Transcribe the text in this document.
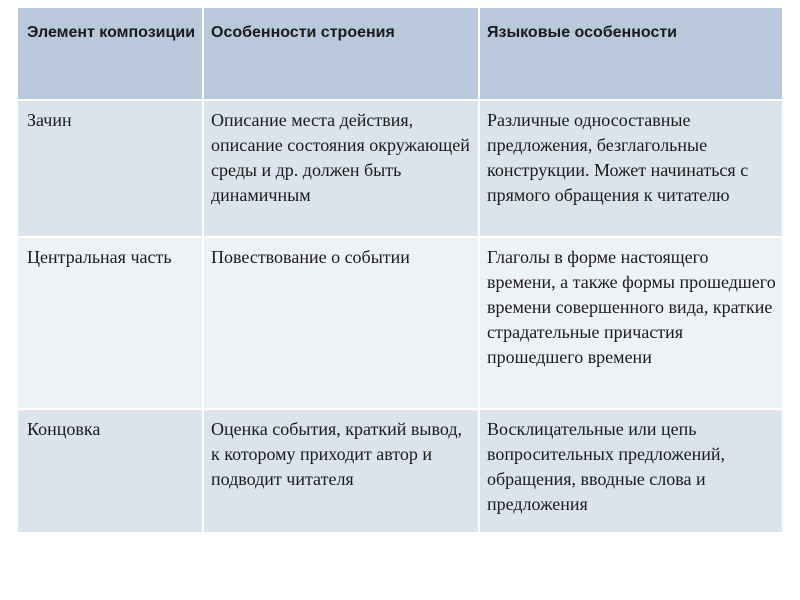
Элемент композиции	Особенности строения	Языковые особенности
Зачин	Описание места действия, описание состояния окружающей среды и др. должен быть динамичным	Различные односоставные предложения, безглагольные конструкции. Может начинаться с прямого обращения к читателю
Центральная часть	Повествование о событии	Глаголы в форме настоящего времени, а также формы прошедшего времени совершенного вида, краткие страдательные причастия прошедшего времени
Концовка	Оценка события, краткий вывод, к которому приходит автор и подводит читателя	Восклицательные или цепь вопросительных предложений, обращения, вводные слова и предложения
